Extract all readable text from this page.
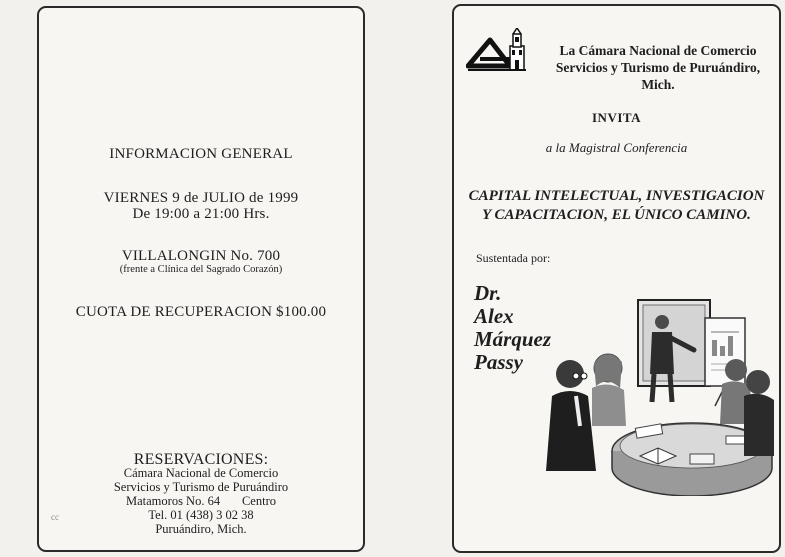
INFORMACION GENERAL
VIERNES 9 de JULIO de 1999
De 19:00 a 21:00 Hrs.
VILLALONGIN No. 700
(frente a Clínica del Sagrado Corazón)
CUOTA DE RECUPERACION $100.00
RESERVACIONES:
Cámara Nacional de Comercio
Servicios y Turismo de Puruándiro
Matamoros No. 64       Centro
Tel. 01 (438) 3 02 38
Puruándiro, Mich.
La Cámara Nacional de Comercio
Servicios y Turismo de Puruándiro, Mich.
INVITA
a la Magistral Conferencia
CAPITAL INTELECTUAL, INVESTIGACION
Y CAPACITACION, EL ÚNICO CAMINO.
Sustentada por:
Dr.
Alex
Márquez
Passy
cc
